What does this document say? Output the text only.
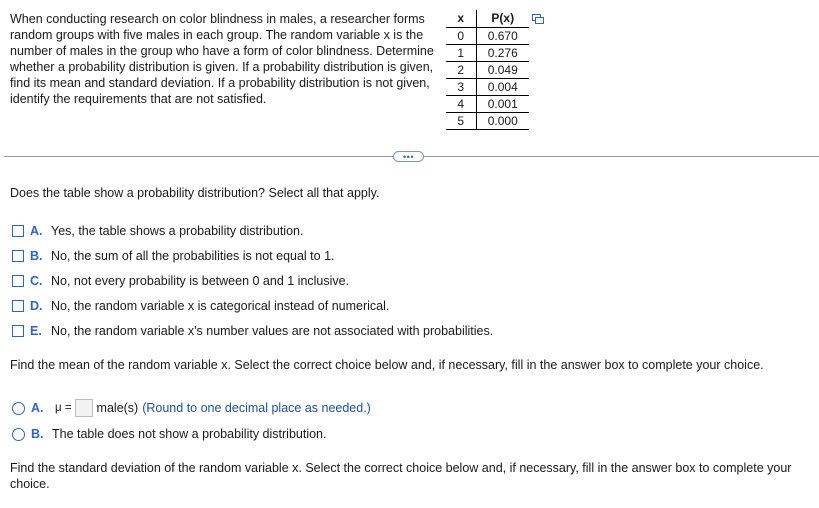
When conducting research on color blindness in males, a researcher forms random groups with five males in each group. The random variable x is the number of males in the group who have a form of color blindness. Determine whether a probability distribution is given. If a probability distribution is given, find its mean and standard deviation. If a probability distribution is not given, identify the requirements that are not satisfied.
x	P(x)
0	0.670
1	0.276
2	0.049
3	0.004
4	0.001
5	0.000
•••
Does the table show a probability distribution? Select all that apply.
A. Yes, the table shows a probability distribution.
B. No, the sum of all the probabilities is not equal to 1.
C. No, not every probability is between 0 and 1 inclusive.
D. No, the random variable x is categorical instead of numerical.
E. No, the random variable x's number values are not associated with probabilities.
Find the mean of the random variable x. Select the correct choice below and, if necessary, fill in the answer box to complete your choice.
A.	μ = male(s) (Round to one decimal place as needed.)
B. The table does not show a probability distribution.
Find the standard deviation of the random variable x. Select the correct choice below and, if necessary, fill in the answer box to complete your choice.
